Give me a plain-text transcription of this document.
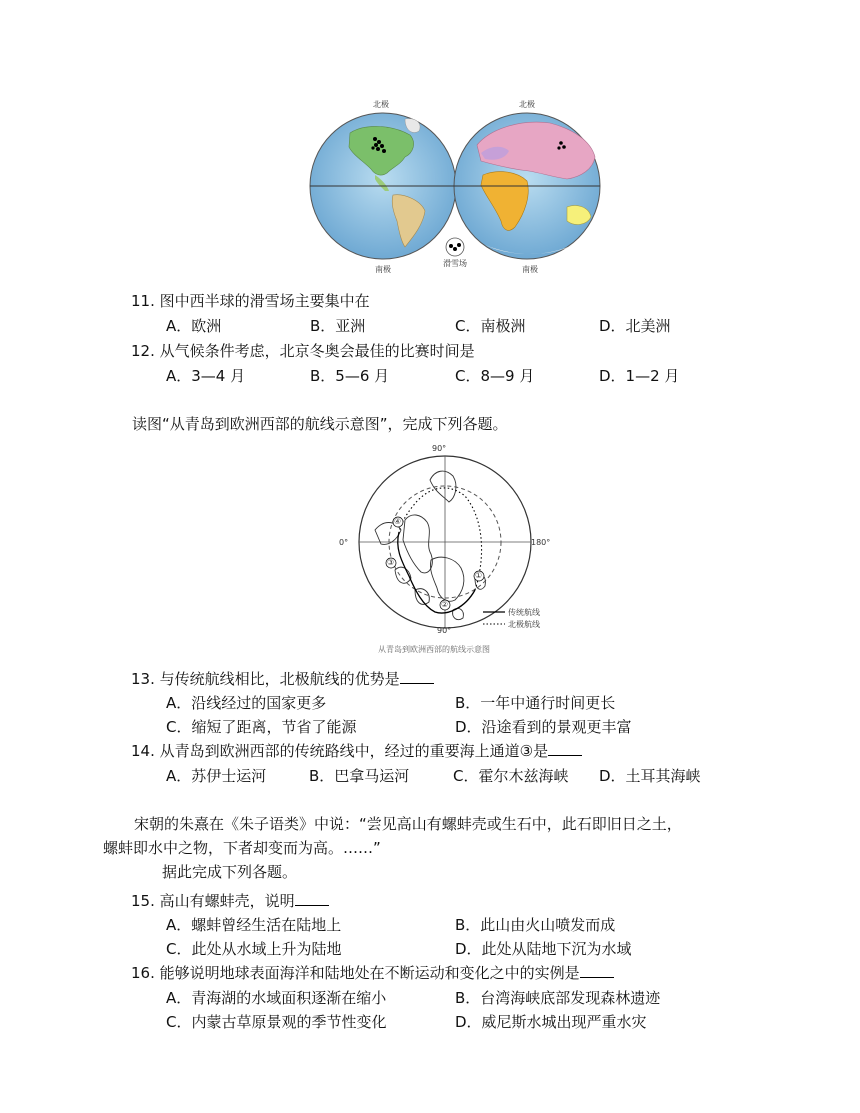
北极	北极
南极	南极
滑雪场
11. 图中西半球的滑雪场主要集中在
A．欧洲	B．亚洲	C．南极洲	D．北美洲
12. 从气候条件考虑，北京冬奥会最佳的比赛时间是
A．3—4 月	B．5—6 月	C．8—9 月	D．1—2 月
读图“从青岛到欧洲西部的航线示意图”，完成下列各题。
90°
90°
0°	180°
①
②
③
④
传统航线
北极航线
从青岛到欧洲西部的航线示意图
13. 与传统航线相比，北极航线的优势是
A．沿线经过的国家更多	B．一年中通行时间更长
C．缩短了距离，节省了能源	D．沿途看到的景观更丰富
14. 从青岛到欧洲西部的传统路线中，经过的重要海上通道③是
A．苏伊士运河	B．巴拿马运河	C．霍尔木兹海峡 D．土耳其海峡
宋朝的朱熹在《朱子语类》中说：“尝见高山有螺蚌壳或生石中，此石即旧日之土，
螺蚌即水中之物，下者却变而为高。……”
据此完成下列各题。
15. 高山有螺蚌壳，说明
A．螺蚌曾经生活在陆地上	B．此山由火山喷发而成
C．此处从水域上升为陆地	D．此处从陆地下沉为水域
16. 能够说明地球表面海洋和陆地处在不断运动和变化之中的实例是
A．青海湖的水域面积逐渐在缩小	B．台湾海峡底部发现森林遗迹
C．内蒙古草原景观的季节性变化	D．威尼斯水城出现严重水灾
